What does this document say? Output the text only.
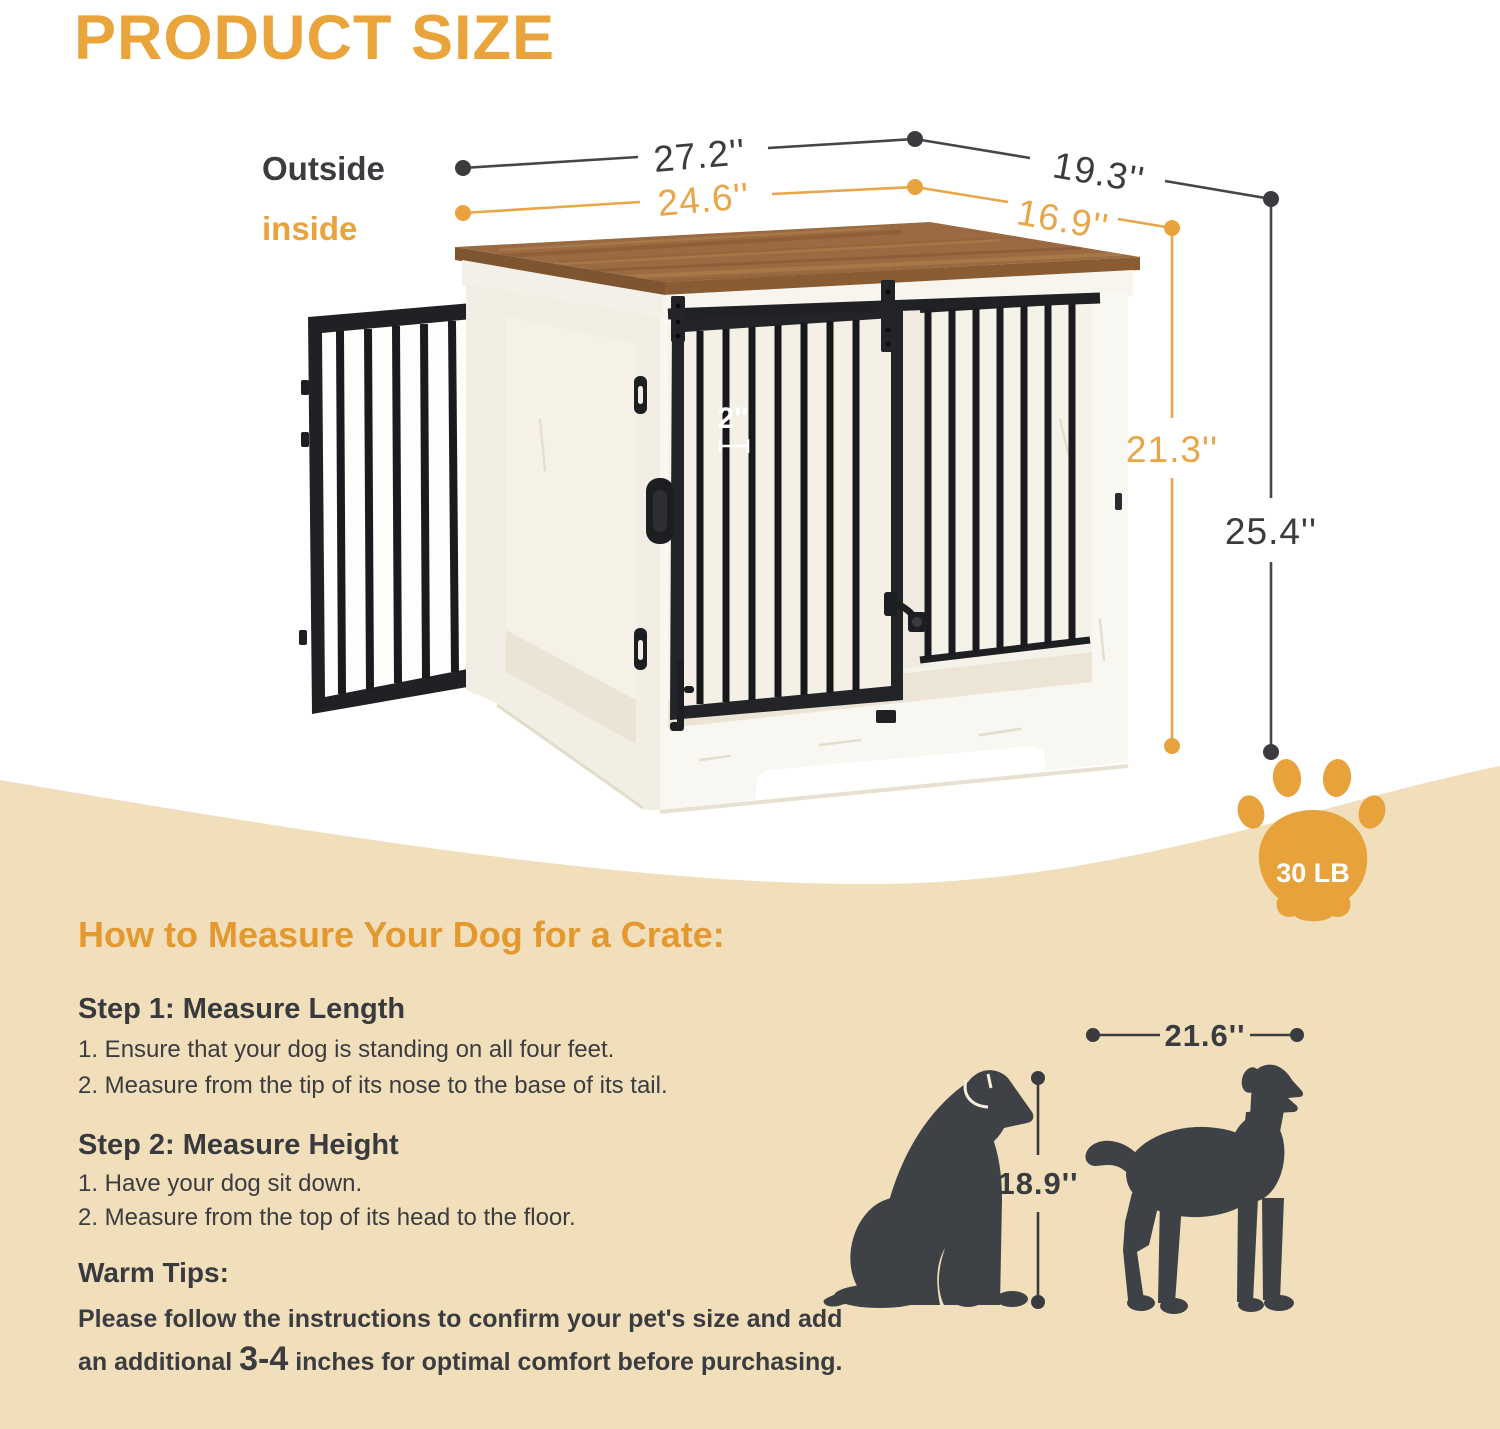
2''
Outside
inside
27.2''
24.6''	19.3''
16.9''
21.3''
25.4''
30 LB
18.9''
21.6''
PRODUCT SIZE
How to Measure Your Dog for a Crate:
Step 1: Measure Length
1. Ensure that your dog is standing on all four feet.
2. Measure from the tip of its nose to the base of its tail.
Step 2: Measure Height
1. Have your dog sit down.
2. Measure from the top of its head to the floor.
Warm Tips:
Please follow the instructions to confirm your pet's size and add
an additional 3-4 inches for optimal comfort before purchasing.
